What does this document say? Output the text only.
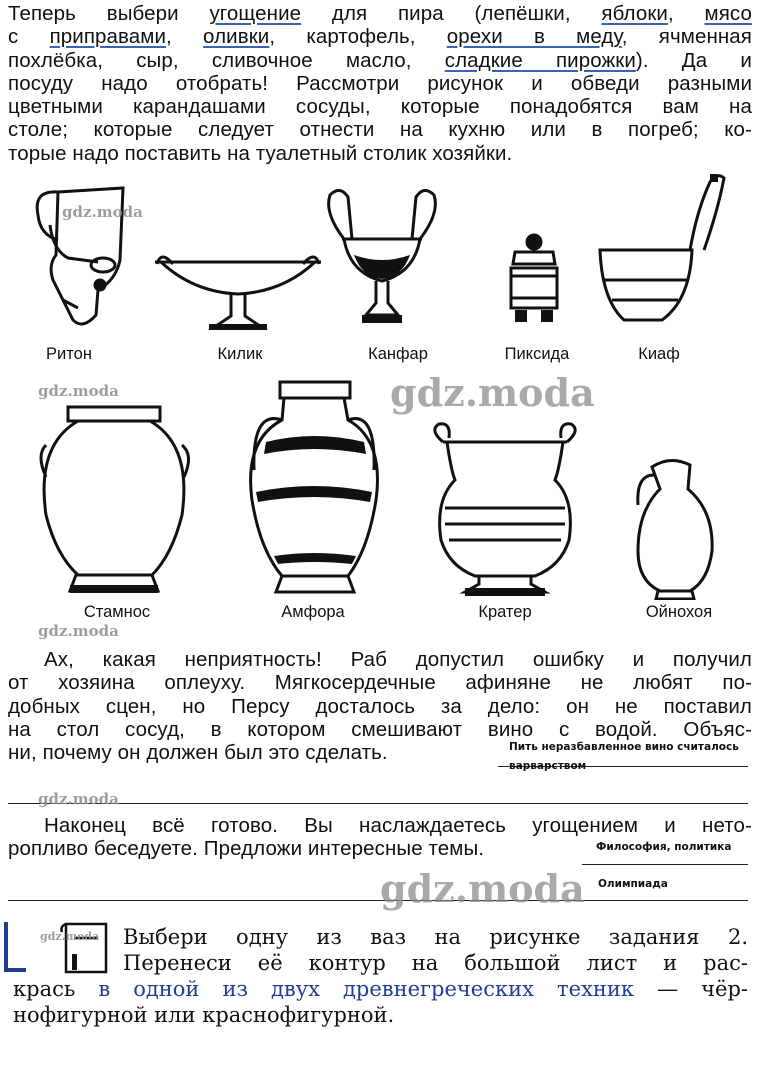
Теперь выбери угощение для пира (лепёшки, яблоки, мясо
с приправами, оливки, картофель, орехи в меду, ячменная
похлёбка, сыр, сливочное масло, сладкие пирожки). Да и
посуду надо отобрать! Рассмотри рисунок и обведи разными
цветными карандашами сосуды, которые понадобятся вам на
столе; которые следует отнести на кухню или в погреб; ко-
торые надо поставить на туалетный столик хозяйки.
Ритон	Килик	Канфар	Пиксида	Киаф
Стамнос	Амфора	Кратер	Ойнохоя
Ах, какая неприятность! Раб допустил ошибку и получил
от хозяина оплеуху. Мягкосердечные афиняне не любят по-
добных сцен, но Персу досталось за дело: он не поставил
на стол сосуд, в котором смешивают вино с водой. Объяс-
ни, почему он должен был это сделать.	Пить неразбавленное вино считалось
варварством
Наконец всё готово. Вы наслаждаетесь угощением и нето-
ропливо беседуете. Предложи интересные темы.	Философия, политика
Олимпиада
Выбери одну из ваз на рисунке задания 2.
Перенеси её контур на большой лист и рас-
крась в одной из двух древнегреческих техник — чёр-
нофигурной или краснофигурной.
gdz.moda
gdz.moda	gdz.moda
gdz.moda
gdz.moda
gdz.moda
gdz.moda
